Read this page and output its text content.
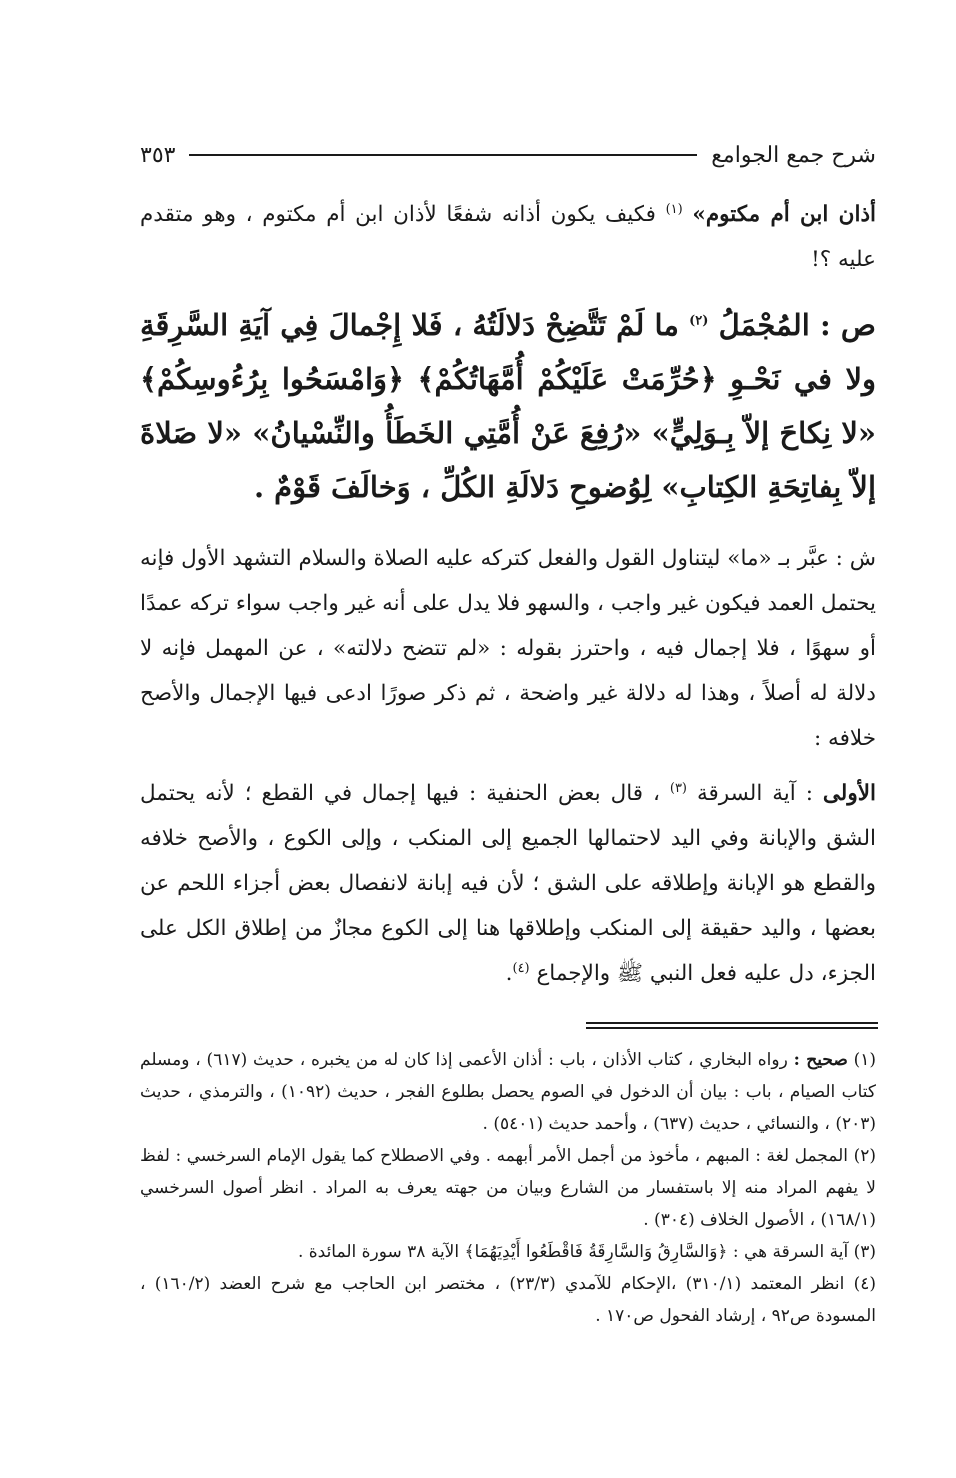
شرح جمع الجوامع
٣٥٣

أذان ابن أم مكتوم» $^{(١)}$ فكيف يكون أذانه شفعًا لأذان ابن أم مكتوم ، وهو متقدم عليه ؟!

ص : المُجْمَلُ $^{(٢)}$ ما لَمْ تَتَّضِحْ دَلالَتُهُ ، فَلا إِجْمالَ فِي آيَةِ السَّرِقَةِ ولا في نَحْـوِ ﴿حُرِّمَتْ عَلَيْكُمْ أُمَّهَاتُكُمْ﴾ ﴿وَامْسَحُوا بِرُءُوسِكُمْ﴾ «لا نِكاحَ إلاّ بِـوَلِيٍّ» «رُفِعَ عَنْ أُمَّتِي الخَطَأُ والنِّسْيانُ» «لا صَلاةَ إلاّ بِفاتِحَةِ الكِتابِ» لِوُضوحِ دَلالَةِ الكُلِّ ، وَخالَفَ قَوْمٌ .

ش : عبَّر بـ «ما» ليتناول القول والفعل كتركه عليه الصلاة والسلام التشهد الأول فإنه يحتمل العمد فيكون غير واجب ، والسهو فلا يدل على أنه غير واجب سواء تركه عمدًا أو سهوًا ، فلا إجمال فيه ، واحترز بقوله : «لم تتضح دلالته» ، عن المهمل فإنه لا دلالة له أصلاً ، وهذا له دلالة غير واضحة ، ثم ذكر صورًا ادعى فيها الإجمال والأصح خلافه :

الأولى : آية السرقة $^{(٣)}$ ، قال بعض الحنفية : فيها إجمال في القطع ؛ لأنه يحتمل الشق والإبانة وفي اليد لاحتمالها الجميع إلى المنكب ، وإلى الكوع ، والأصح خلافه والقطع هو الإبانة وإطلاقه على الشق ؛ لأن فيه إبانة لانفصال بعض أجزاء اللحم عن بعضها ، واليد حقيقة إلى المنكب وإطلاقها هنا إلى الكوع مجازٌ من إطلاق الكل على الجزء، دل عليه فعل النبي ﷺ والإجماع $^{(٤)}$.

(١) صحيح : رواه البخاري ، كتاب الأذان ، باب : أذان الأعمى إذا كان له من يخبره ، حديث (٦١٧) ، ومسلم كتاب الصيام ، باب : بيان أن الدخول في الصوم يحصل بطلوع الفجر ، حديث (١٠٩٢) ، والترمذي ، حديث (٢٠٣) ، والنسائي ، حديث (٦٣٧) ، وأحمد حديث (٥٤٠١) .

(٢) المجمل لغة : المبهم ، مأخوذ من أجمل الأمر أبهمه . وفي الاصطلاح كما يقول الإمام السرخسي : لفظ لا يفهم المراد منه إلا باستفسار من الشارع وبيان من جهته يعرف به المراد . انظر أصول السرخسي (١٦٨/١) ، الأصول الخلاف (٣٠٤) .

(٣) آية السرقة هي : ﴿وَالسَّارِقُ وَالسَّارِقَةُ فَاقْطَعُوا أَيْدِيَهُمَا﴾ الآية ٣٨ سورة المائدة .

(٤) انظر المعتمد (٣١٠/١) ،الإحكام للآمدي (٢٣/٣) ، مختصر ابن الحاجب مع شرح العضد (١٦٠/٢) ، المسودة ص٩٢ ، إرشاد الفحول ص١٧٠ .
